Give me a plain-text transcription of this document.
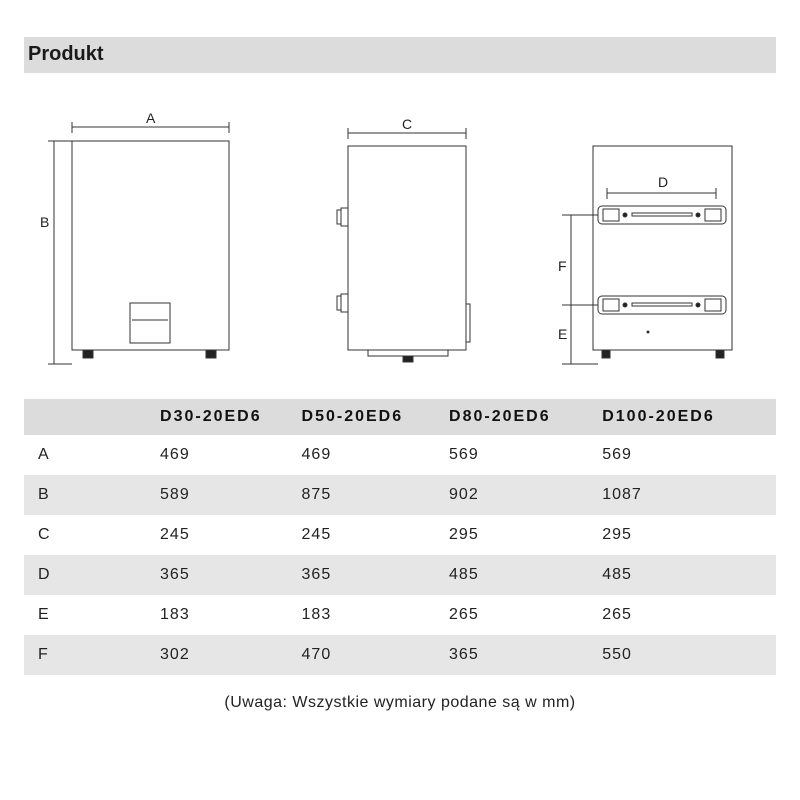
Produkt
A
B
C
D
F
E
	D30-20ED6	D50-20ED6	D80-20ED6	D100-20ED6
A	469	469	569	569
B	589	875	902	1087
C	245	245	295	295
D	365	365	485	485
E	183	183	265	265
F	302	470	365	550
(Uwaga: Wszystkie wymiary podane są w mm)
